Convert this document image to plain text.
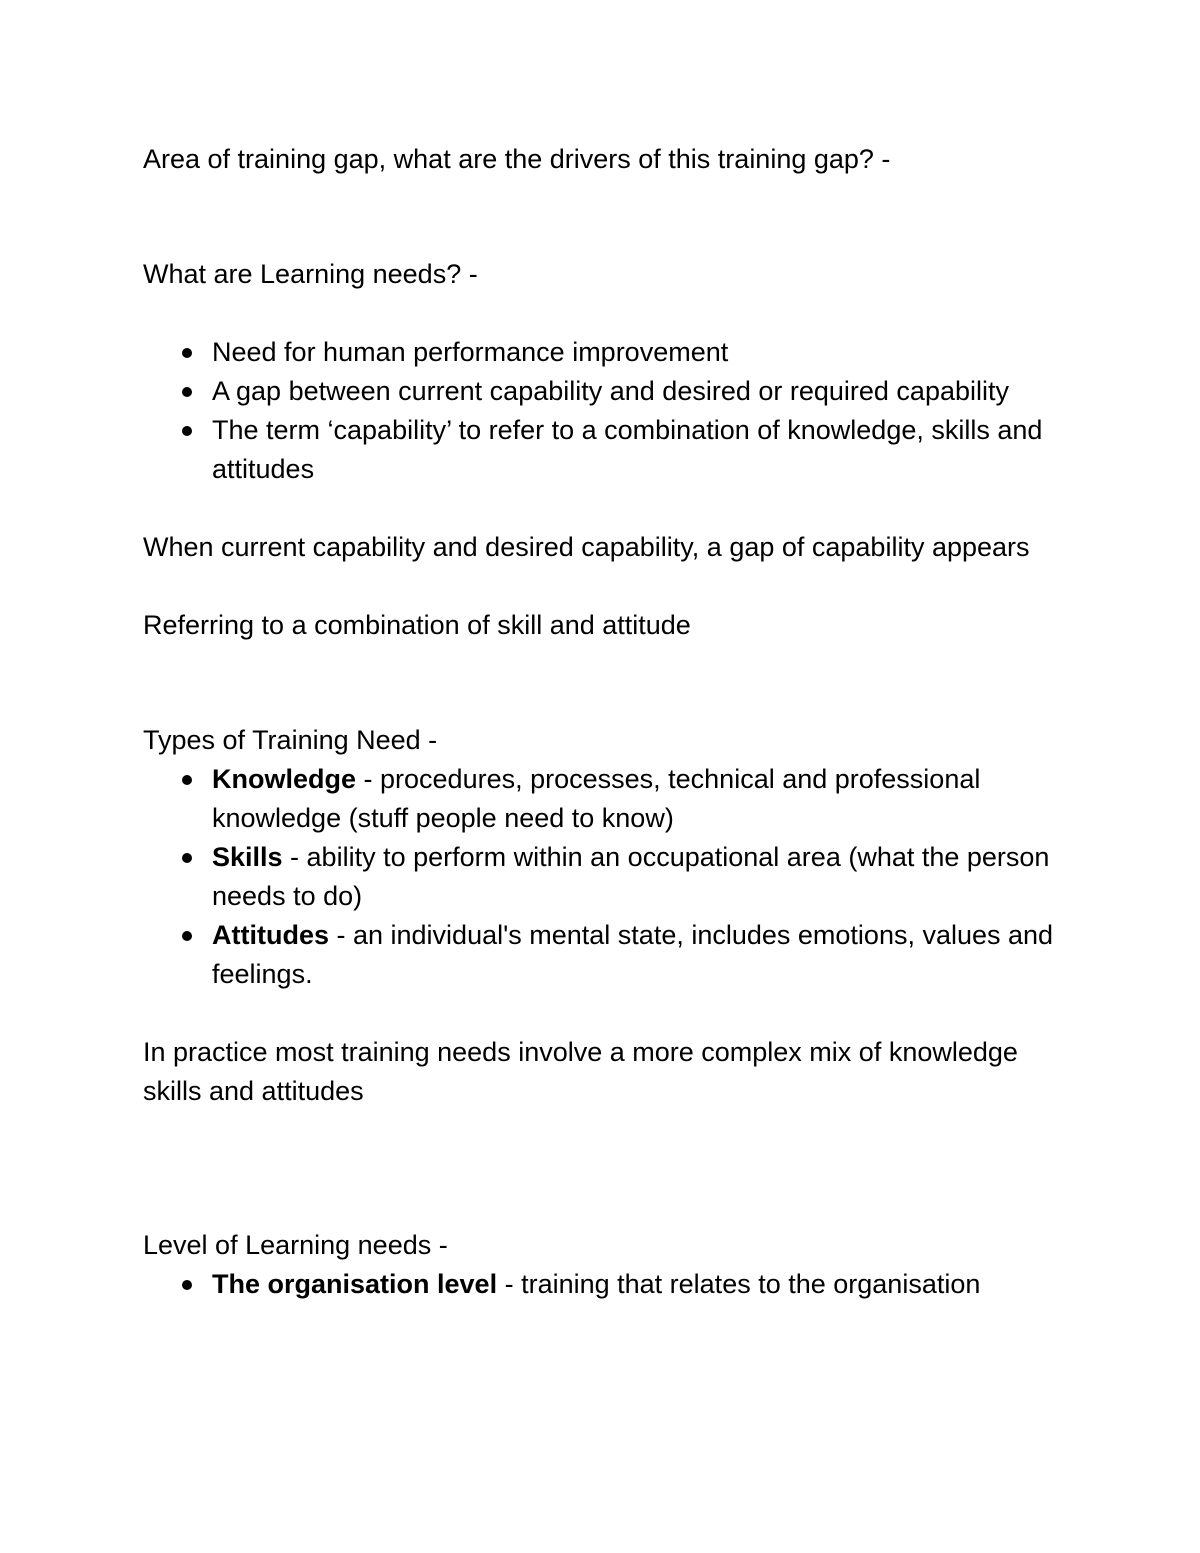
Area of training gap, what are the drivers of this training gap? -

What are Learning needs? -

Need for human performance improvement
A gap between current capability and desired or required capability
The term ‘capability’ to refer to a combination of knowledge, skills and attitudes

When current capability and desired capability, a gap of capability appears

Referring to a combination of skill and attitude

Types of Training Need -

Knowledge - procedures, processes, technical and professional knowledge (stuff people need to know)
Skills - ability to perform within an occupational area (what the person needs to do)
Attitudes - an individual's mental state, includes emotions, values and feelings.

In practice most training needs involve a more complex mix of knowledge skills and attitudes

Level of Learning needs -

The organisation level - training that relates to the organisation
